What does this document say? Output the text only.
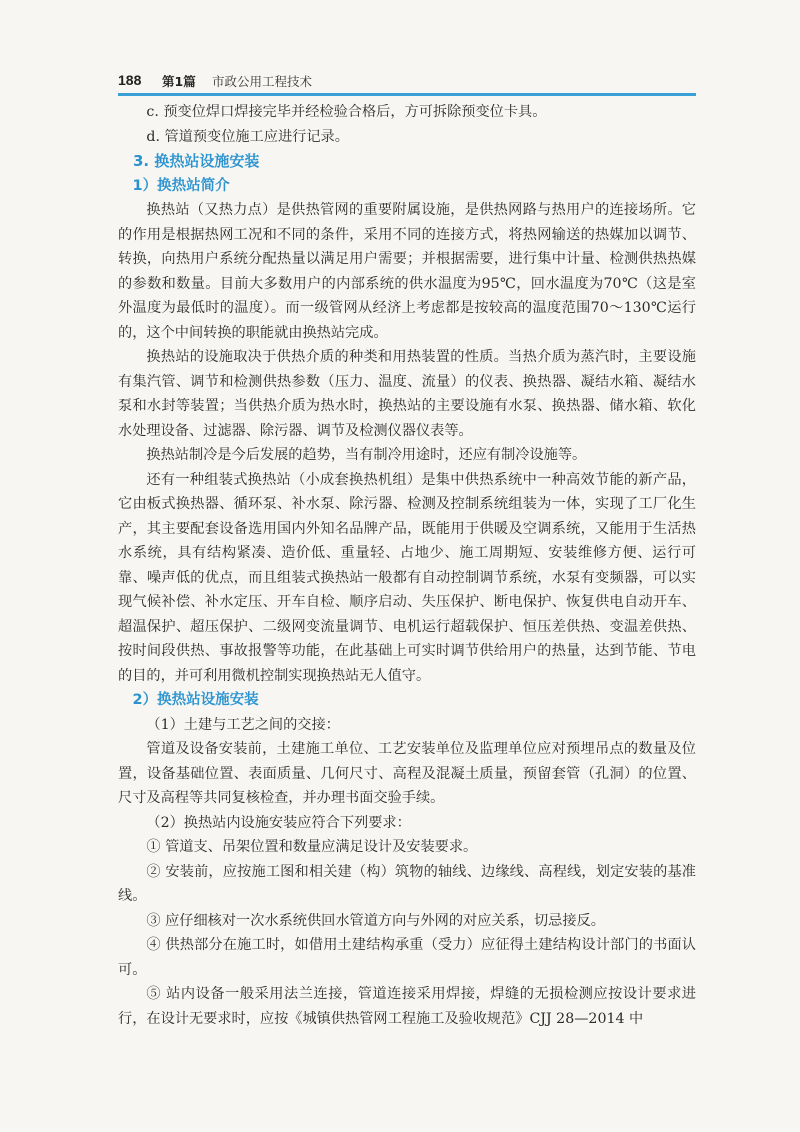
188 第1篇 市政公用工程技术

c. 预变位焊口焊接完毕并经检验合格后，方可拆除预变位卡具。

d. 管道预变位施工应进行记录。

3. 换热站设施安装

1）换热站简介

换热站（又热力点）是供热管网的重要附属设施，是供热网路与热用户的连接场所。它的作用是根据热网工况和不同的条件，采用不同的连接方式，将热网输送的热媒加以调节、转换，向热用户系统分配热量以满足用户需要；并根据需要，进行集中计量、检测供热热媒的参数和数量。目前大多数用户的内部系统的供水温度为95℃，回水温度为70℃（这是室外温度为最低时的温度）。而一级管网从经济上考虑都是按较高的温度范围70～130℃运行的，这个中间转换的职能就由换热站完成。

换热站的设施取决于供热介质的种类和用热装置的性质。当热介质为蒸汽时，主要设施有集汽管、调节和检测供热参数（压力、温度、流量）的仪表、换热器、凝结水箱、凝结水泵和水封等装置；当供热介质为热水时，换热站的主要设施有水泵、换热器、储水箱、软化水处理设备、过滤器、除污器、调节及检测仪器仪表等。

换热站制冷是今后发展的趋势，当有制冷用途时，还应有制冷设施等。

还有一种组装式换热站（小成套换热机组）是集中供热系统中一种高效节能的新产品，它由板式换热器、循环泵、补水泵、除污器、检测及控制系统组装为一体，实现了工厂化生产，其主要配套设备选用国内外知名品牌产品，既能用于供暖及空调系统，又能用于生活热水系统，具有结构紧凑、造价低、重量轻、占地少、施工周期短、安装维修方便、运行可靠、噪声低的优点，而且组装式换热站一般都有自动控制调节系统，水泵有变频器，可以实现气候补偿、补水定压、开车自检、顺序启动、失压保护、断电保护、恢复供电自动开车、超温保护、超压保护、二级网变流量调节、电机运行超载保护、恒压差供热、变温差供热、按时间段供热、事故报警等功能，在此基础上可实时调节供给用户的热量，达到节能、节电的目的，并可利用微机控制实现换热站无人值守。

2）换热站设施安装

（1）土建与工艺之间的交接：

管道及设备安装前，土建施工单位、工艺安装单位及监理单位应对预埋吊点的数量及位置，设备基础位置、表面质量、几何尺寸、高程及混凝土质量，预留套管（孔洞）的位置、尺寸及高程等共同复核检查，并办理书面交验手续。

（2）换热站内设施安装应符合下列要求：

① 管道支、吊架位置和数量应满足设计及安装要求。

② 安装前，应按施工图和相关建（构）筑物的轴线、边缘线、高程线，划定安装的基准线。

③ 应仔细核对一次水系统供回水管道方向与外网的对应关系，切忌接反。

④ 供热部分在施工时，如借用土建结构承重（受力）应征得土建结构设计部门的书面认可。

⑤ 站内设备一般采用法兰连接，管道连接采用焊接，焊缝的无损检测应按设计要求进行，在设计无要求时，应按《城镇供热管网工程施工及验收规范》CJJ 28—2014 中
